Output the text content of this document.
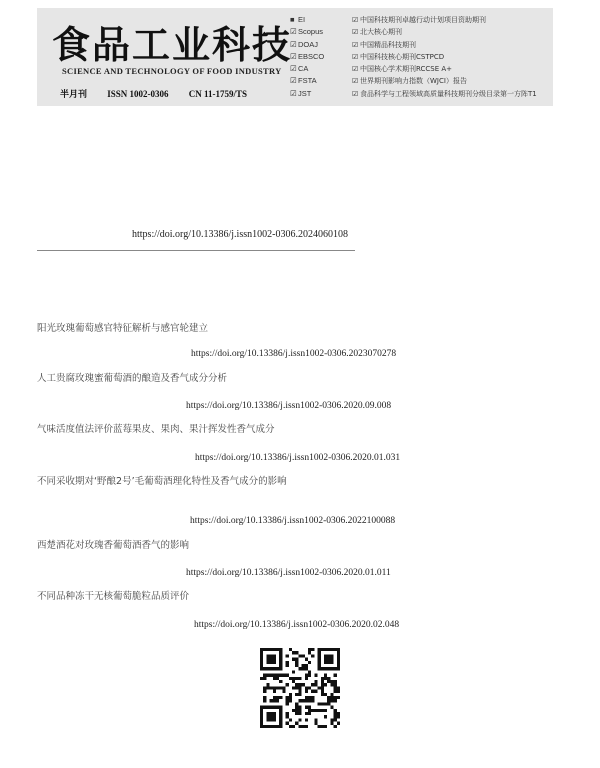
食品工业科技
SCIENCE AND TECHNOLOGY OF FOOD INDUSTRY
半月刊 ISSN 1002-0306 CN 11-1759/TS
■ EI
☑Scopus
☑DOAJ
☑EBSCO
☑CA
☑FSTA
☑JST
☑ 中国科技期刊卓越行动计划项目资助期刊
☑ 北大核心期刊
☑ 中国精品科技期刊
☑ 中国科技核心期刊CSTPCD
☑ 中国核心学术期刊RCCSE A+
☑ 世界期刊影响力指数（WJCI）报告
☑ 食品科学与工程领域高质量科技期刊分级目录第一方阵T1
https://doi.org/10.13386/j.issn1002-0306.2024060108
阳光玫瑰葡萄感官特征解析与感官轮建立
https://doi.org/10.13386/j.issn1002-0306.2023070278
人工贵腐玫瑰蜜葡萄酒的酿造及香气成分分析
https://doi.org/10.13386/j.issn1002-0306.2020.09.008
气味活度值法评价蓝莓果皮、果肉、果汁挥发性香气成分
https://doi.org/10.13386/j.issn1002-0306.2020.01.031
不同采收期对‘野酿2号’毛葡萄酒理化特性及香气成分的影响
https://doi.org/10.13386/j.issn1002-0306.2022100088
西楚酒花对玫瑰香葡萄酒香气的影响
https://doi.org/10.13386/j.issn1002-0306.2020.01.011
不同品种冻干无核葡萄脆粒品质评价
https://doi.org/10.13386/j.issn1002-0306.2020.02.048
